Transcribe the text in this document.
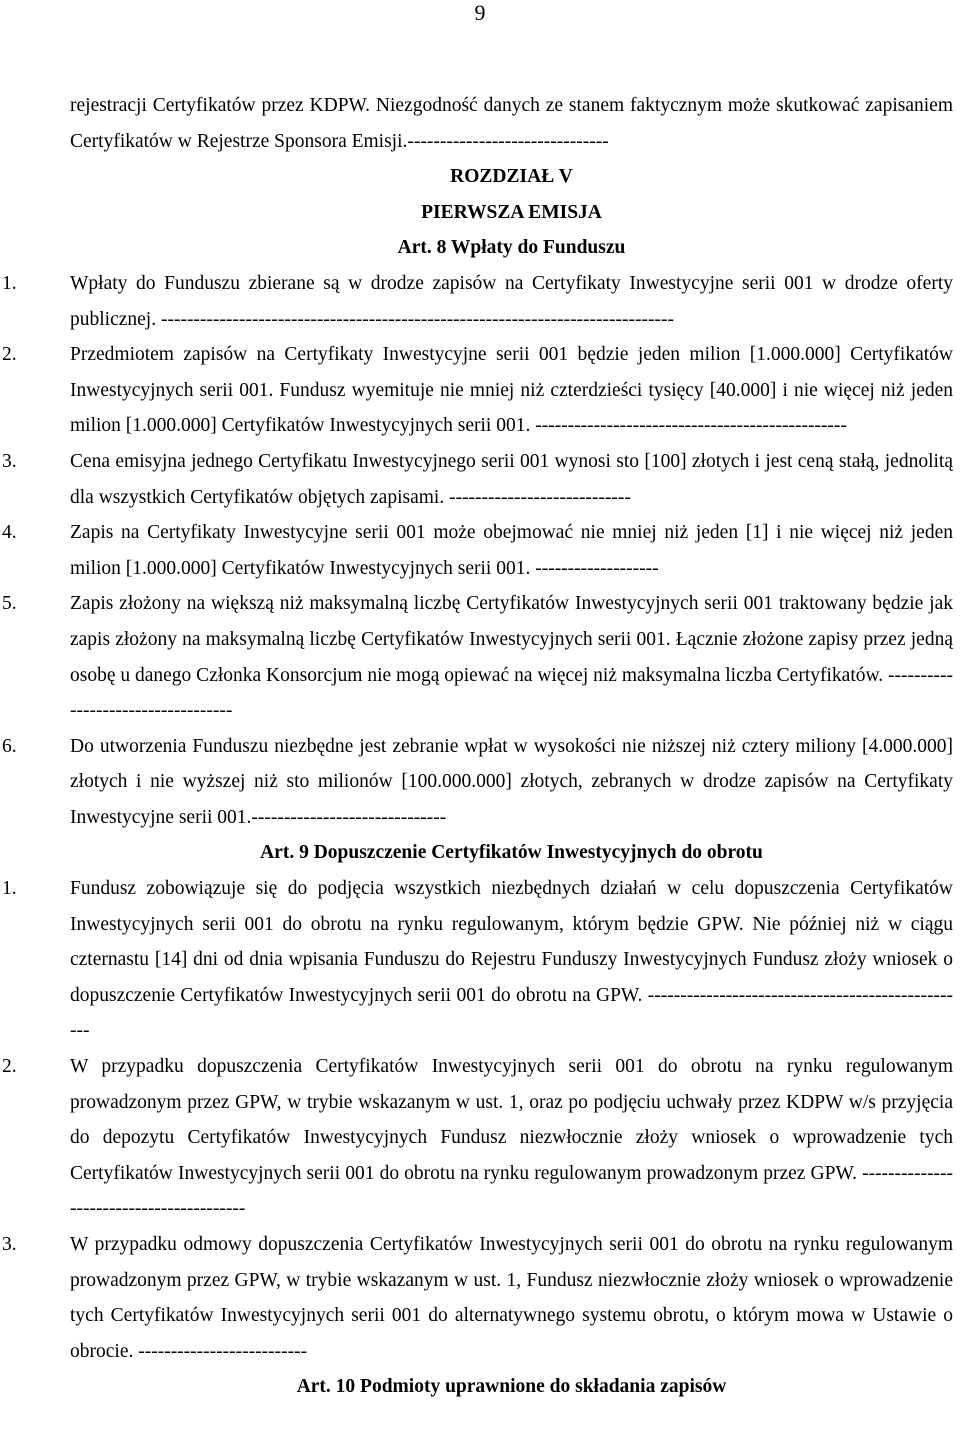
9

rejestracji Certyfikatów przez KDPW. Niezgodność danych ze stanem faktycznym może skutkować zapisaniem Certyfikatów w Rejestrze Sponsora Emisji.-------------------------------

ROZDZIAŁ V

PIERWSZA EMISJA

Art. 8 Wpłaty do Funduszu

1.	Wpłaty do Funduszu zbierane są w drodze zapisów na Certyfikaty Inwestycyjne serii 001 w drodze oferty publicznej. -------------------------------------------------------------------------------

2.	Przedmiotem zapisów na Certyfikaty Inwestycyjne serii 001 będzie jeden milion [1.000.000] Certyfikatów Inwestycyjnych serii 001. Fundusz wyemituje nie mniej niż czterdzieści tysięcy [40.000] i nie więcej niż jeden milion [1.000.000] Certyfikatów Inwestycyjnych serii 001. ------------------------------------------------

3.	Cena emisyjna jednego Certyfikatu Inwestycyjnego serii 001 wynosi sto [100] złotych i jest ceną stałą, jednolitą dla wszystkich Certyfikatów objętych zapisami. ----------------------------

4.	Zapis na Certyfikaty Inwestycyjne serii 001 może obejmować nie mniej niż jeden [1] i nie więcej niż jeden milion [1.000.000] Certyfikatów Inwestycyjnych serii 001. -------------------

5.	Zapis złożony na większą niż maksymalną liczbę Certyfikatów Inwestycyjnych serii 001 traktowany będzie jak zapis złożony na maksymalną liczbę Certyfikatów Inwestycyjnych serii 001. Łącznie złożone zapisy przez jedną osobę u danego Członka Konsorcjum nie mogą opiewać na więcej niż maksymalna liczba Certyfikatów. -----------------------------------

6.	Do utworzenia Funduszu niezbędne jest zebranie wpłat w wysokości nie niższej niż cztery miliony [4.000.000] złotych i nie wyższej niż sto milionów [100.000.000] złotych, zebranych w drodze zapisów na Certyfikaty Inwestycyjne serii 001.------------------------------

Art. 9 Dopuszczenie Certyfikatów Inwestycyjnych do obrotu

1.	Fundusz zobowiązuje się do podjęcia wszystkich niezbędnych działań w celu dopuszczenia Certyfikatów Inwestycyjnych serii 001 do obrotu na rynku regulowanym, którym będzie GPW. Nie później niż w ciągu czternastu [14] dni od dnia wpisania Funduszu do Rejestru Funduszy Inwestycyjnych Fundusz złoży wniosek o dopuszczenie Certyfikatów Inwestycyjnych serii 001 do obrotu na GPW. --------------------------------------------------

2.	W przypadku dopuszczenia Certyfikatów Inwestycyjnych serii 001 do obrotu na rynku regulowanym prowadzonym przez GPW, w trybie wskazanym w ust. 1, oraz po podjęciu uchwały przez KDPW w/s przyjęcia do depozytu Certyfikatów Inwestycyjnych Fundusz niezwłocznie złoży wniosek o wprowadzenie tych Certyfikatów Inwestycyjnych serii 001 do obrotu na rynku regulowanym prowadzonym przez GPW. -----------------------------------------

3.	W przypadku odmowy dopuszczenia Certyfikatów Inwestycyjnych serii 001 do obrotu na rynku regulowanym prowadzonym przez GPW, w trybie wskazanym w ust. 1, Fundusz niezwłocznie złoży wniosek o wprowadzenie tych Certyfikatów Inwestycyjnych serii 001 do alternatywnego systemu obrotu, o którym mowa w Ustawie o obrocie. --------------------------

Art. 10 Podmioty uprawnione do składania zapisów
